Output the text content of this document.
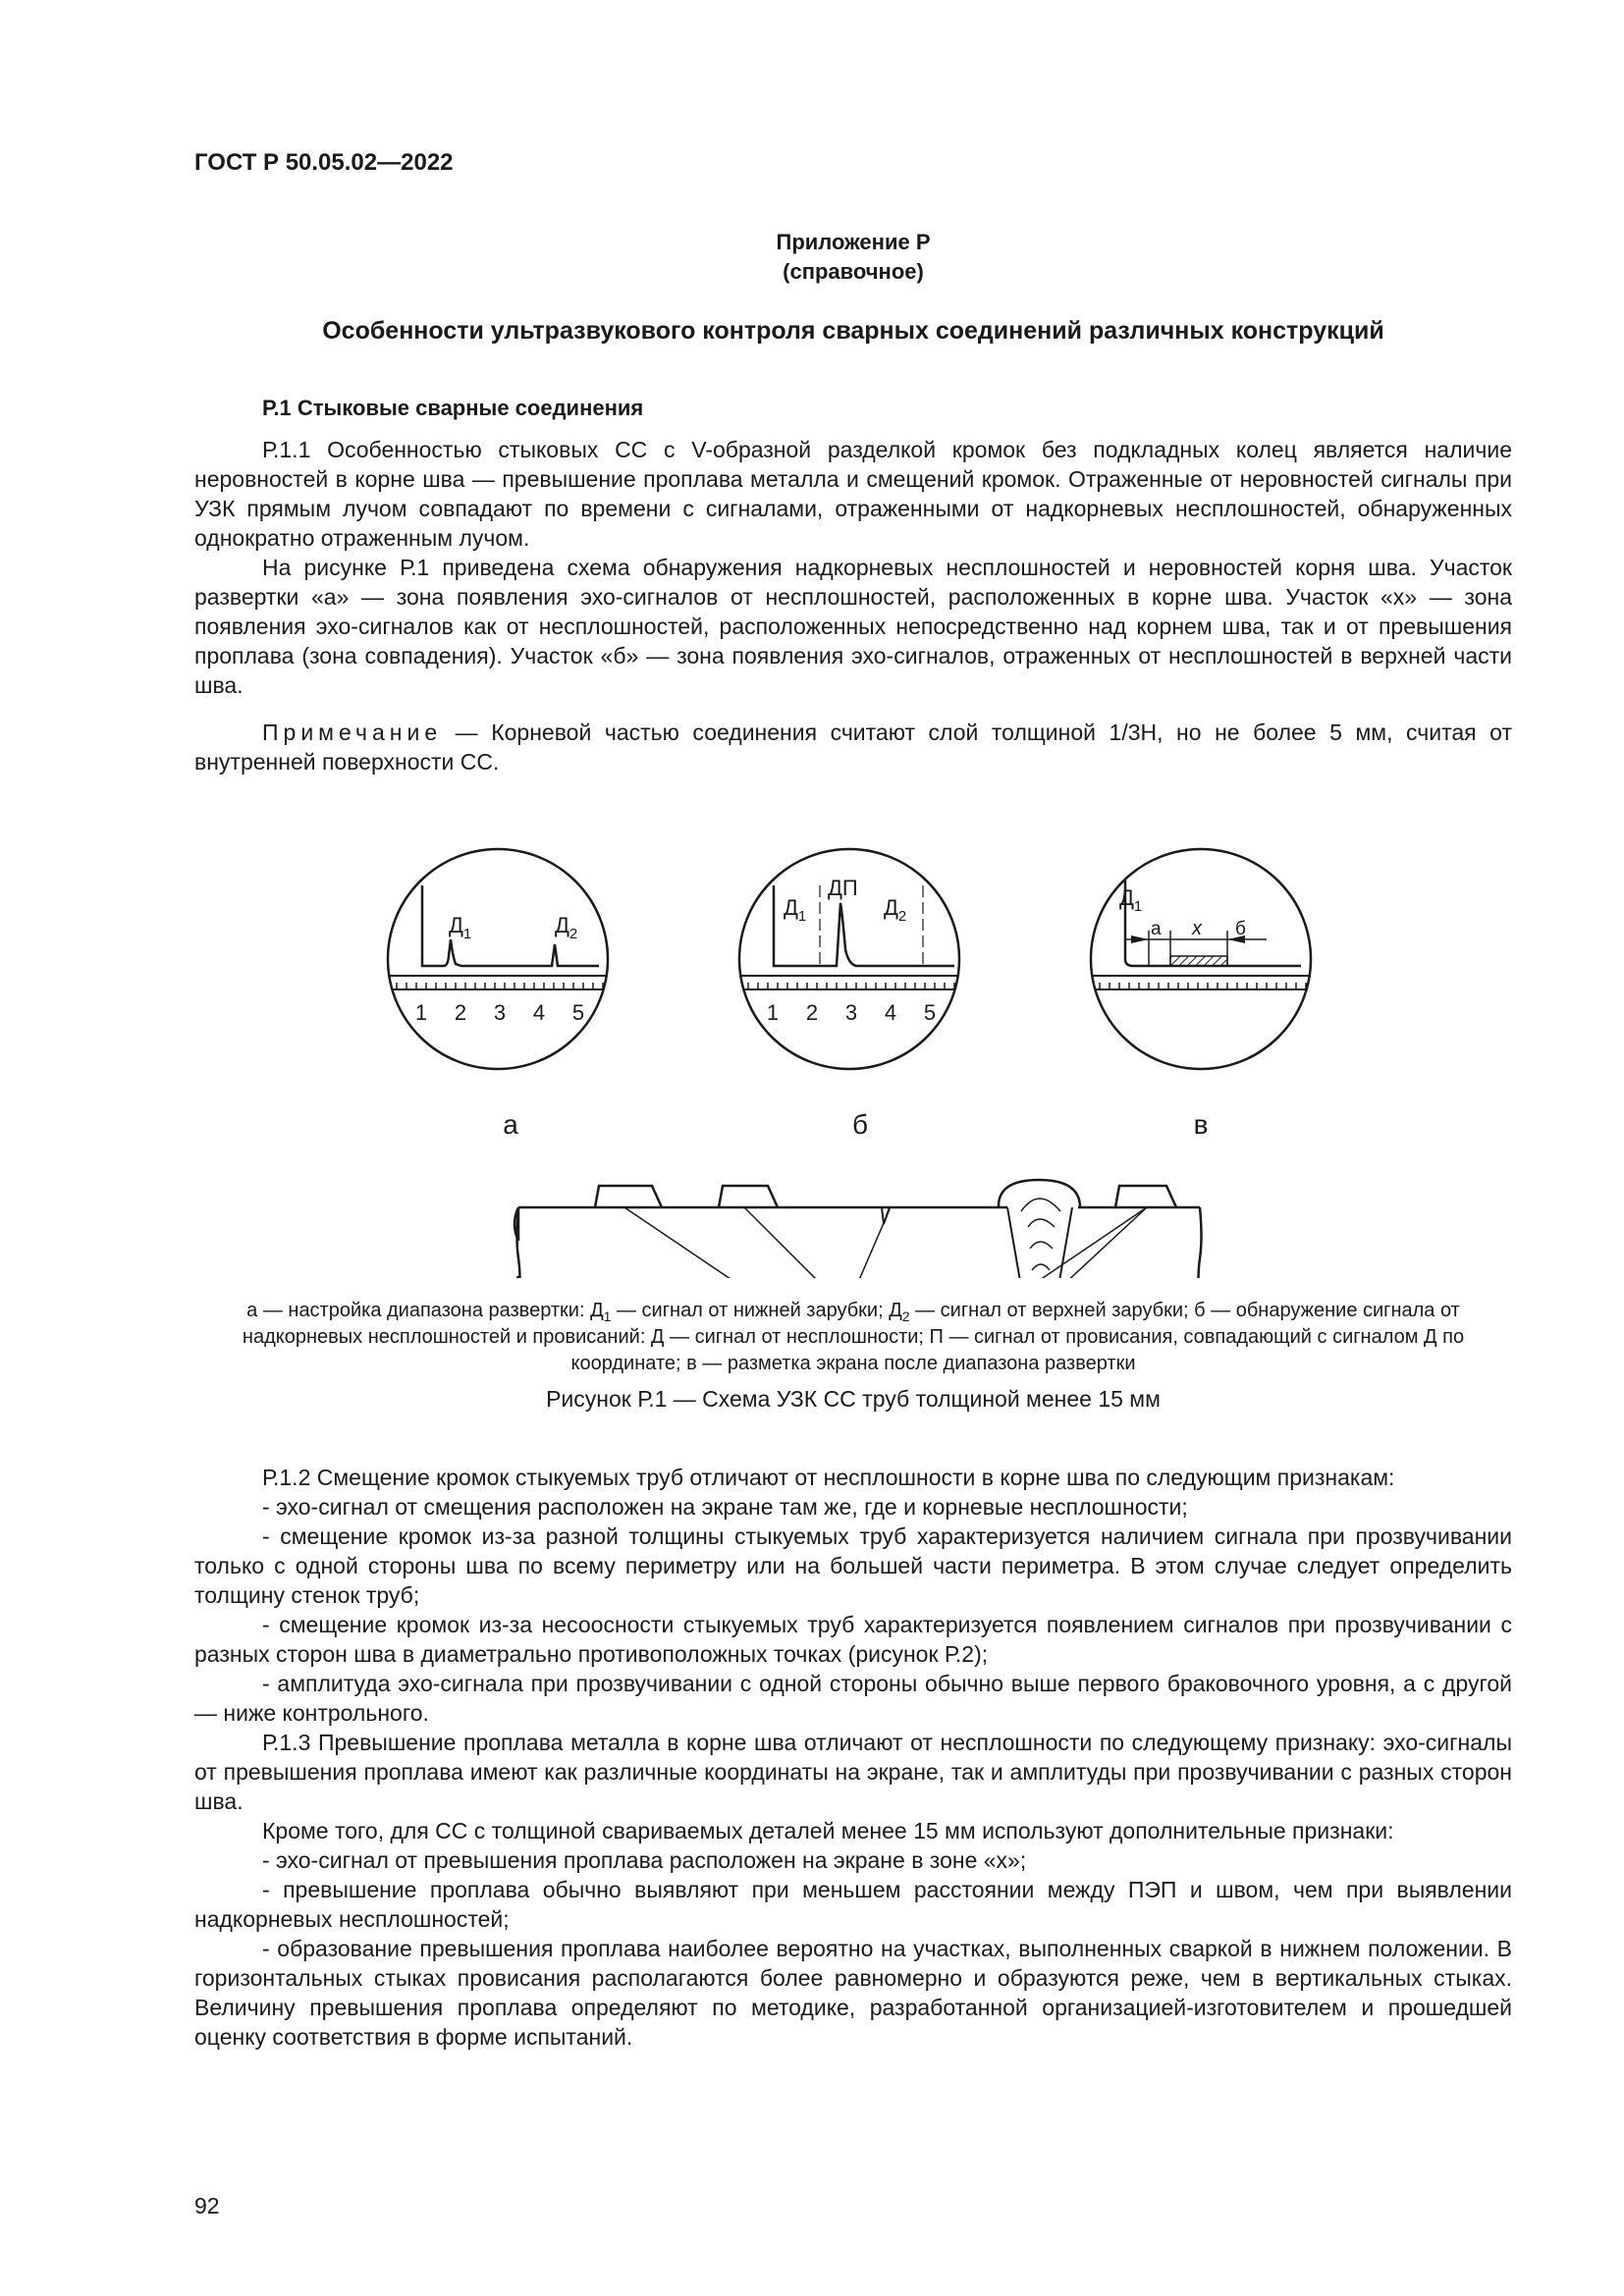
ГОСТ Р 50.05.02—2022
Приложение Р
(справочное)
Особенности ультразвукового контроля сварных соединений различных конструкций
Р.1 Стыковые сварные соединения

Р.1.1 Особенностью стыковых СС с V-образной разделкой кромок без подкладных колец является наличие неровностей в корне шва — превышение проплава металла и смещений кромок. Отраженные от неровностей сигналы при УЗК прямым лучом совпадают по времени с сигналами, отраженными от надкорневых несплошностей, обнаруженных однократно отраженным лучом.

На рисунке Р.1 приведена схема обнаружения надкорневых несплошностей и неровностей корня шва. Участок развертки «а» — зона появления эхо-сигналов от несплошностей, расположенных в корне шва. Участок «х» — зона появления эхо-сигналов как от несплошностей, расположенных непосредственно над корнем шва, так и от превышения проплава (зона совпадения). Участок «б» — зона появления эхо-сигналов, отраженных от несплошностей в верхней части шва.

Примечание — Корневой частью соединения считают слой толщиной 1/3Н, но не более 5 мм, считая от внутренней поверхности СС.

$Д_1$	$Д_2$
1 2 3 4 5
а
$Д_1$
ДП
$Д_2$
1 2 3 4 5
б
$Д_1$
а x б
в
а — настройка диапазона развертки: $Д_1$ — сигнал от нижней зарубки; $Д_2$ — сигнал от верхней зарубки; б — обнаружение сигнала от надкорневых несплошностей и провисаний: Д — сигнал от несплошности; П — сигнал от провисания, совпадающий с сигналом Д по координате; в — разметка экрана после диапазона развертки
Рисунок Р.1 — Схема УЗК СС труб толщиной менее 15 мм

Р.1.2 Смещение кромок стыкуемых труб отличают от несплошности в корне шва по следующим признакам:

- эхо-сигнал от смещения расположен на экране там же, где и корневые несплошности;

- смещение кромок из-за разной толщины стыкуемых труб характеризуется наличием сигнала при прозвучивании только с одной стороны шва по всему периметру или на большей части периметра. В этом случае следует определить толщину стенок труб;

- смещение кромок из-за несоосности стыкуемых труб характеризуется появлением сигналов при прозвучивании с разных сторон шва в диаметрально противоположных точках (рисунок Р.2);

- амплитуда эхо-сигнала при прозвучивании с одной стороны обычно выше первого браковочного уровня, а с другой — ниже контрольного.

Р.1.3 Превышение проплава металла в корне шва отличают от несплошности по следующему признаку: эхо-сигналы от превышения проплава имеют как различные координаты на экране, так и амплитуды при прозвучивании с разных сторон шва.

Кроме того, для СС с толщиной свариваемых деталей менее 15 мм используют дополнительные признаки:

- эхо-сигнал от превышения проплава расположен на экране в зоне «х»;

- превышение проплава обычно выявляют при меньшем расстоянии между ПЭП и швом, чем при выявлении надкорневых несплошностей;

- образование превышения проплава наиболее вероятно на участках, выполненных сваркой в нижнем положении. В горизонтальных стыках провисания располагаются более равномерно и образуются реже, чем в вертикальных стыках. Величину превышения проплава определяют по методике, разработанной организацией-изготовителем и прошедшей оценку соответствия в форме испытаний.

92
